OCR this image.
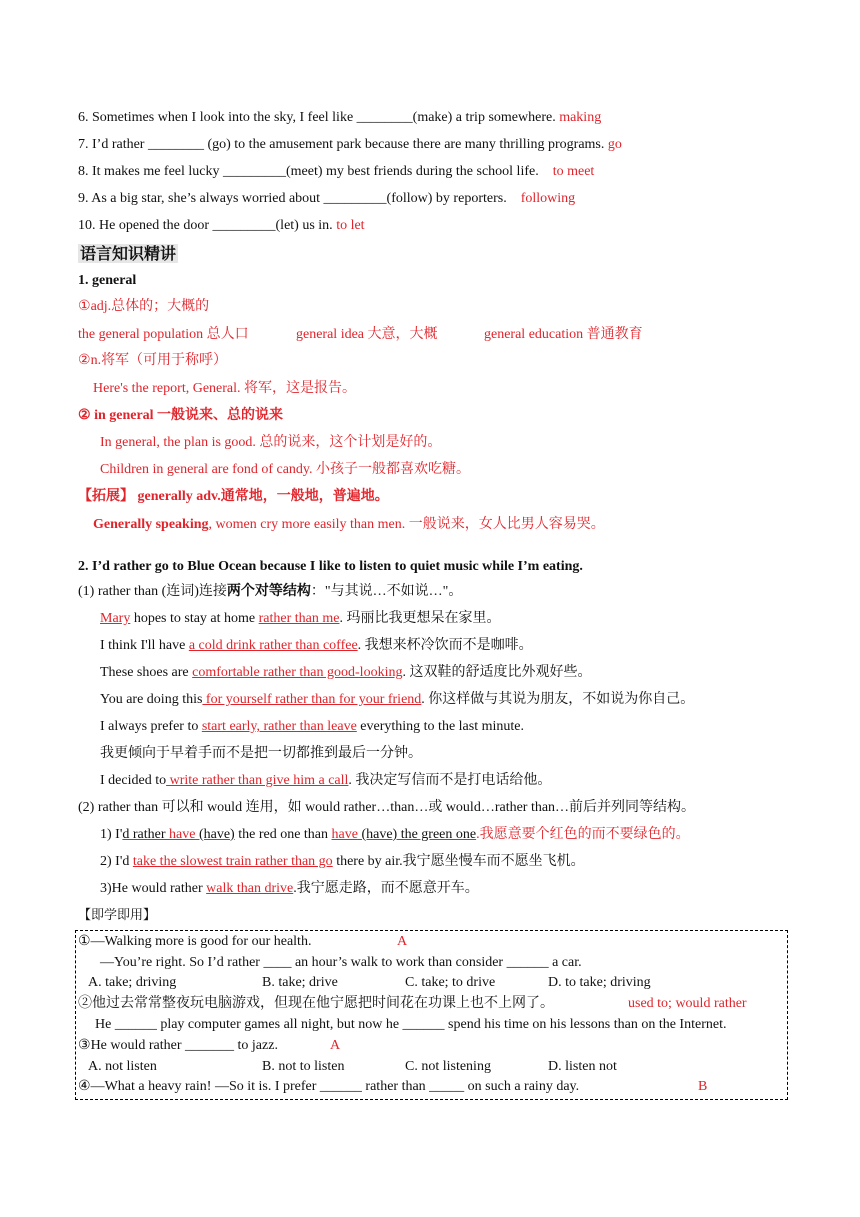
6. Sometimes when I look into the sky, I feel like ________(make) a trip somewhere. making
7. I’d rather ________ (go) to the amusement park because there are many thrilling programs. go
8. It makes me feel lucky _________(meet) my best friends during the school life. to meet
9. As a big star, she’s always worried about _________(follow) by reporters. following
10. He opened the door _________(let) us in. to let
语言知识精讲
1. general
①adj.总体的；大概的
the general population 总人口	general idea 大意，大概	general education 普通教育
②n.将军（可用于称呼）
Here's the report, General. 将军，这是报告。
② in general 一般说来、总的说来
In general, the plan is good. 总的说来，这个计划是好的。
Children in general are fond of candy. 小孩子一般都喜欢吃糖。
【拓展】 generally adv.通常地，一般地，普遍地。
Generally speaking, women cry more easily than men. 一般说来，女人比男人容易哭。
2. I’d rather go to Blue Ocean because I like to listen to quiet music while I’m eating.
(1) rather than (连词)连接两个对等结构："与其说…不如说…"。
Mary hopes to stay at home rather than me. 玛丽比我更想呆在家里。
I think I'll have a cold drink rather than coffee. 我想来杯冷饮而不是咖啡。
These shoes are comfortable rather than good-looking. 这双鞋的舒适度比外观好些。
You are doing this for yourself rather than for your friend. 你这样做与其说为朋友，不如说为你自己。
I always prefer to start early, rather than leave everything to the last minute.
我更倾向于早着手而不是把一切都推到最后一分钟。
I decided to write rather than give him a call. 我决定写信而不是打电话给他。
(2) rather than 可以和 would 连用，如 would rather…than…或 would…rather than…前后并列同等结构。
1) I'd rather have (have) the red one than have (have) the green one.我愿意要个红色的而不要绿色的。
2) I'd take the slowest train rather than go there by air.我宁愿坐慢车而不愿坐飞机。
3)He would rather walk than drive.我宁愿走路，而不愿意开车。
【即学即用】
①—Walking more is good for our health.	A
—You’re right. So I’d rather ____ an hour’s walk to work than consider ______ a car.
A. take; driving	B. take; drive	C. take; to drive	D. to take; driving
②他过去常常整夜玩电脑游戏，但现在他宁愿把时间花在功课上也不上网了。	used to; would rather
He ______ play computer games all night, but now he ______ spend his time on his lessons than on the Internet.
③He would rather _______ to jazz.	A
A. not listen	B. not to listen	C. not listening	D. listen not
④—What a heavy rain! —So it is. I prefer ______ rather than _____ on such a rainy day.	B
